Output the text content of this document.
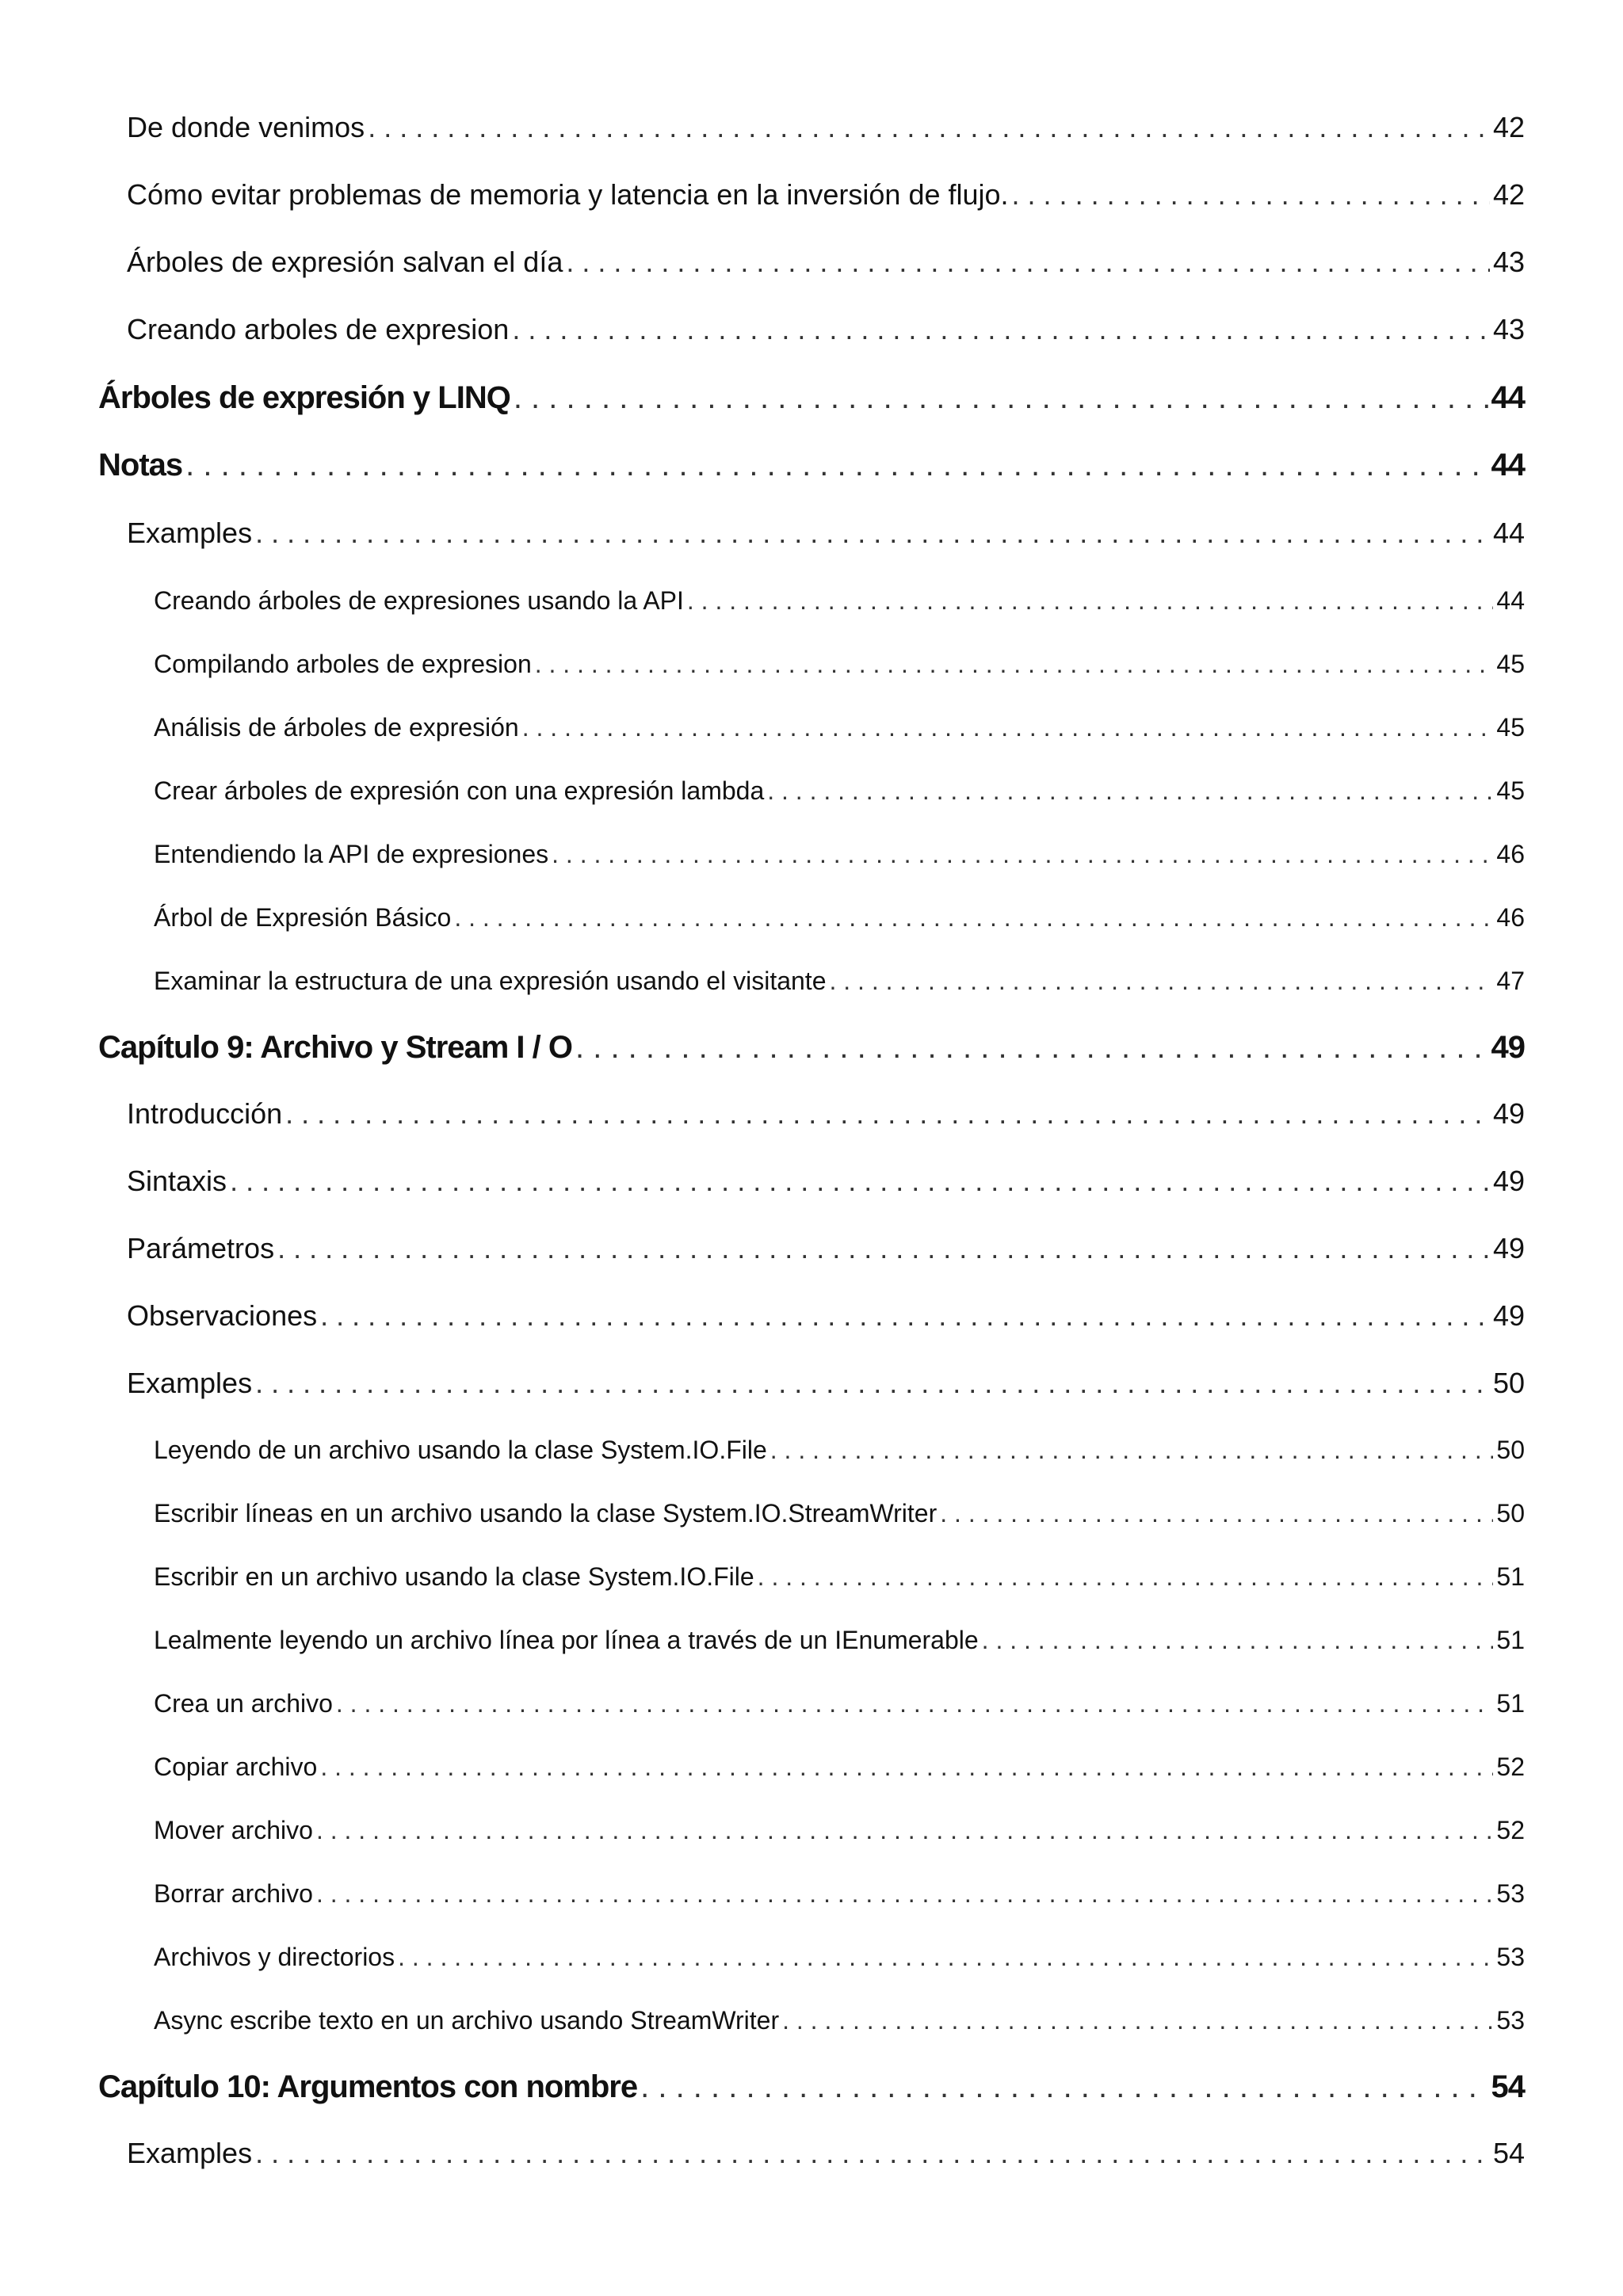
De donde venimos . . .	42
Cómo evitar problemas de memoria y latencia en la inversión de flujo. . . .	42
Árboles de expresión salvan el día . . .	43
Creando arboles de expresion . . .	43
Árboles de expresión y LINQ . . .	44
Notas . . .	44
Examples . . .	44
Creando árboles de expresiones usando la API . . .	44
Compilando arboles de expresion . . .	45
Análisis de árboles de expresión . . .	45
Crear árboles de expresión con una expresión lambda . . .	45
Entendiendo la API de expresiones . . .	46
Árbol de Expresión Básico . . .	46
Examinar la estructura de una expresión usando el visitante . . .	47
Capítulo 9: Archivo y Stream I / O . . .	49
Introducción . . .	49
Sintaxis . . .	49
Parámetros . . .	49
Observaciones . . .	49
Examples . . .	50
Leyendo de un archivo usando la clase System.IO.File . . .	50
Escribir líneas en un archivo usando la clase System.IO.StreamWriter . . .	50
Escribir en un archivo usando la clase System.IO.File . . .	51
Lealmente leyendo un archivo línea por línea a través de un IEnumerable . . .	51
Crea un archivo . . .	51
Copiar archivo . . .	52
Mover archivo . . .	52
Borrar archivo . . .	53
Archivos y directorios . . .	53
Async escribe texto en un archivo usando StreamWriter . . .	53
Capítulo 10: Argumentos con nombre . . .	54
Examples . . .	54
